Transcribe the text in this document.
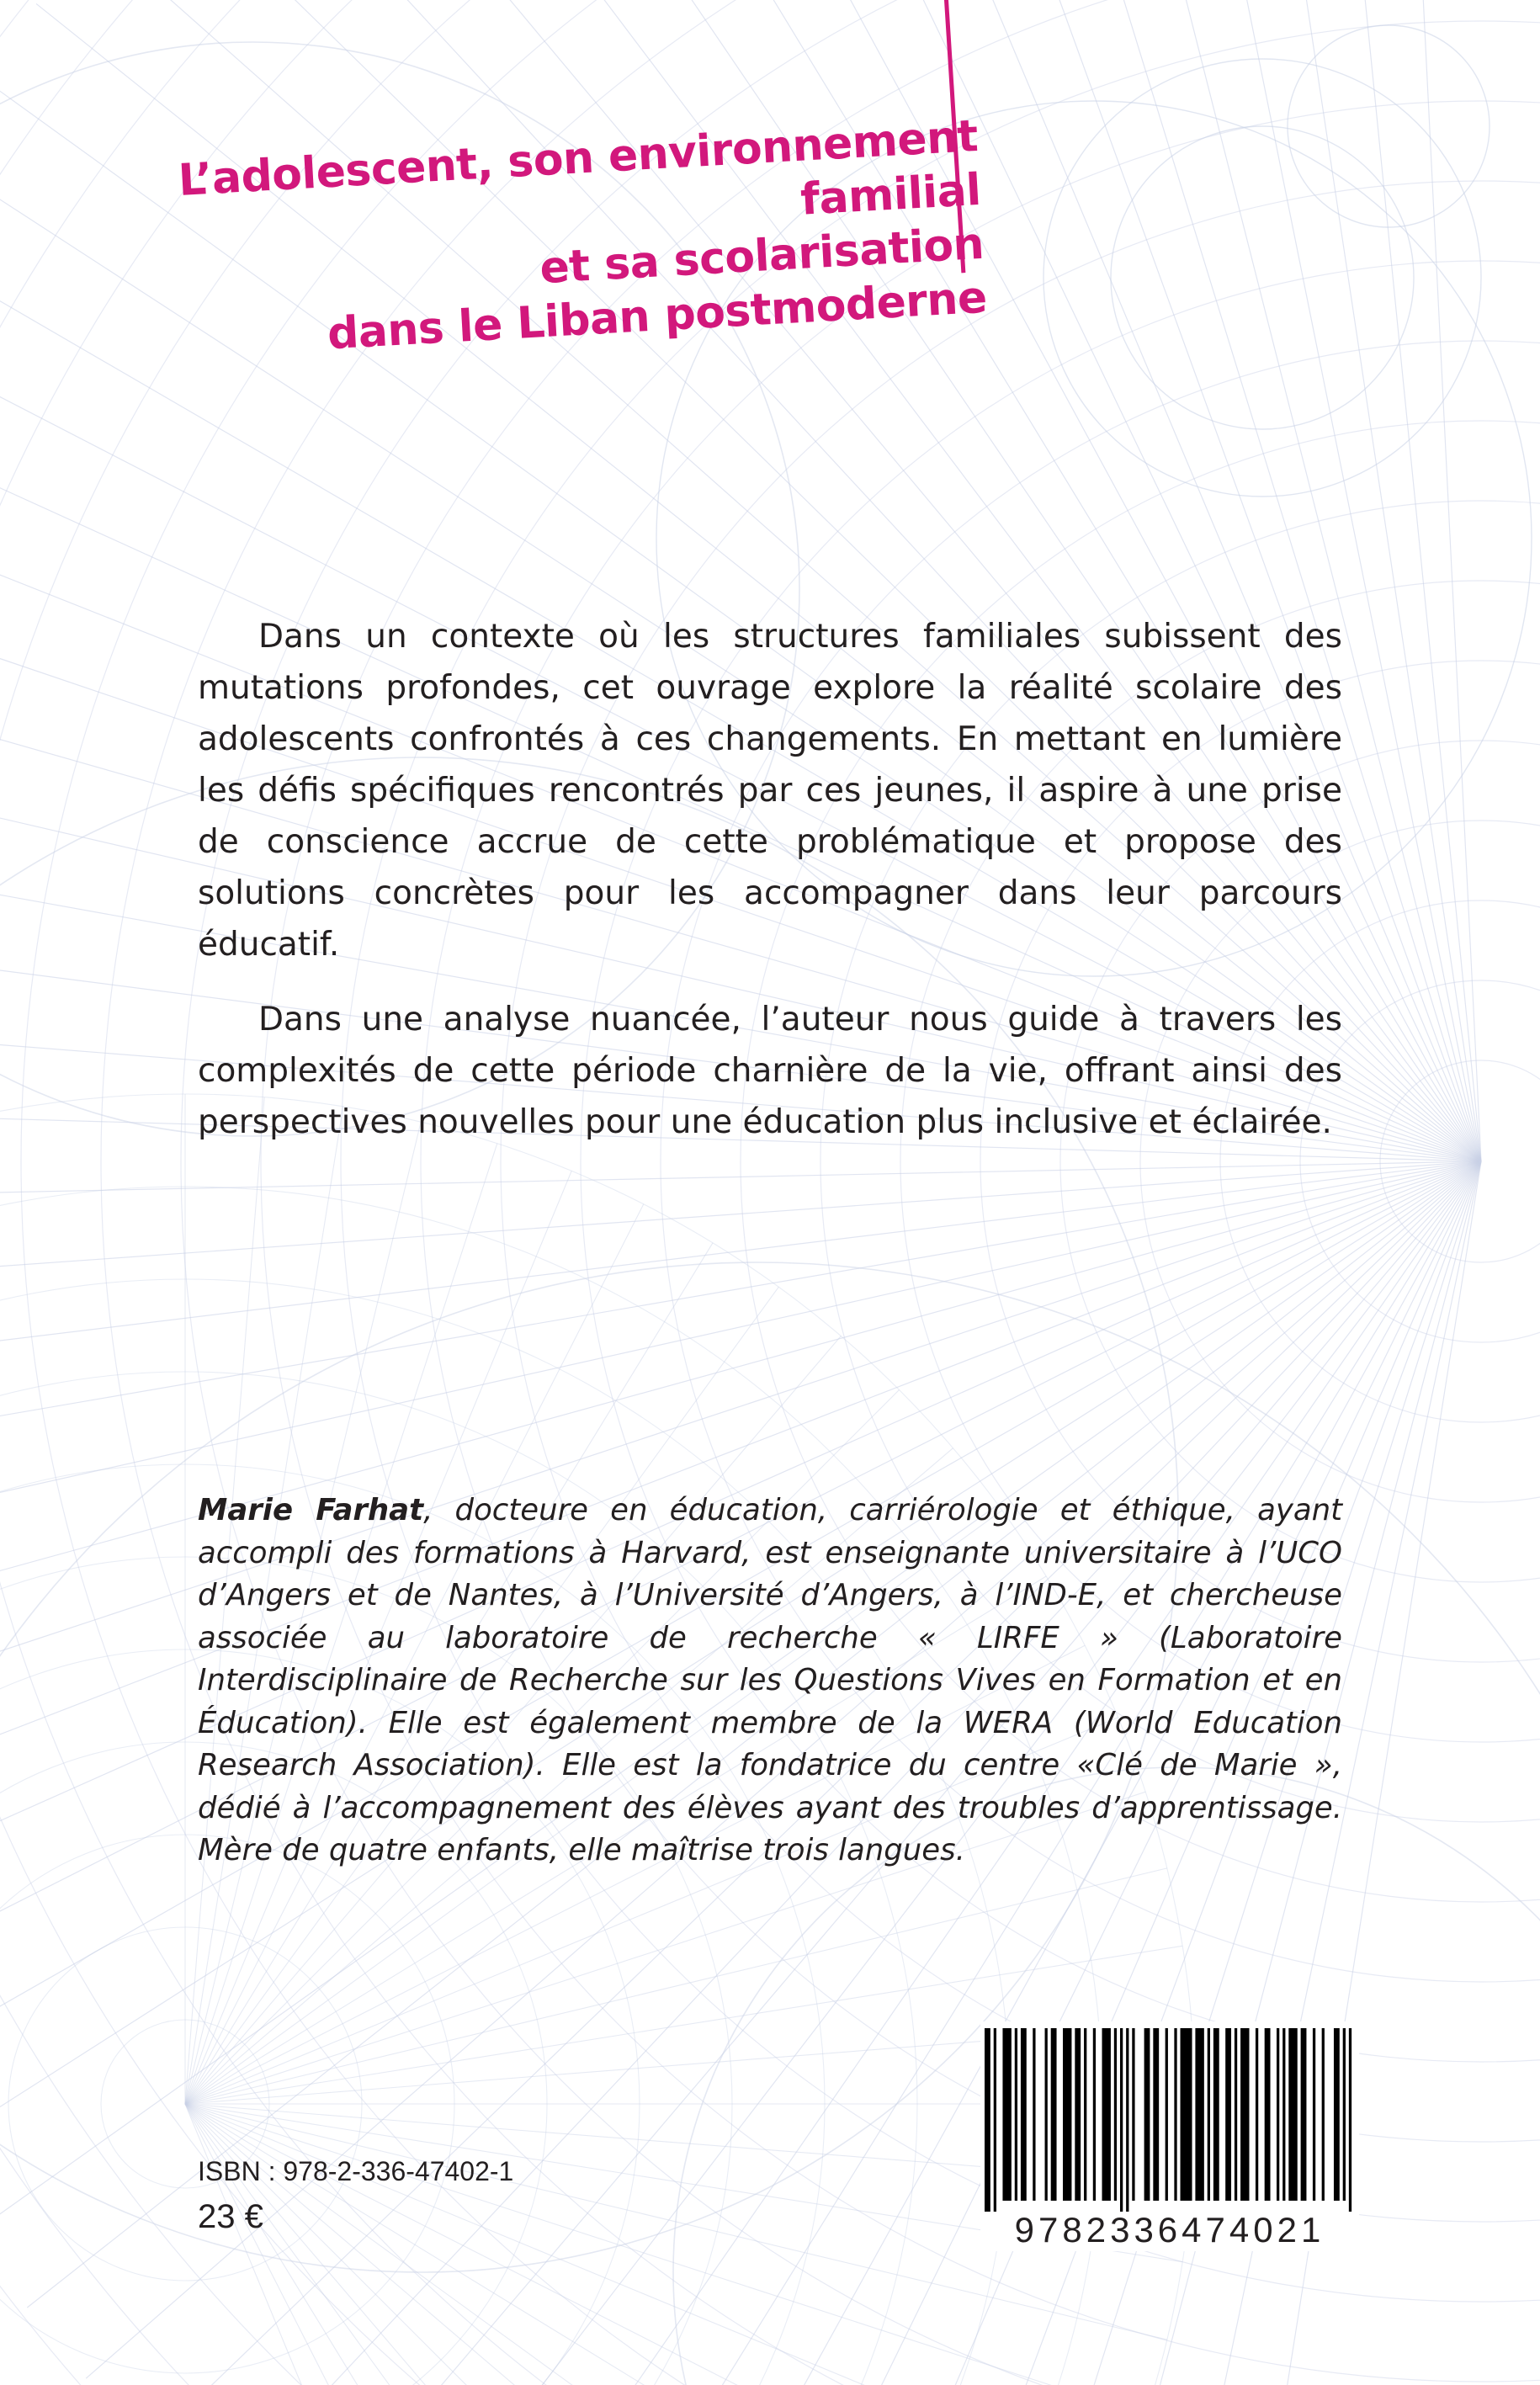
L’adolescent, son environnement familial
et sa scolarisation
dans le Liban postmoderne

Dans un contexte où les structures familiales subissent des mutations profondes, cet ouvrage explore la réalité scolaire des adolescents confrontés à ces changements. En mettant en lumière les défis spécifiques rencontrés par ces jeunes, il aspire à une prise de conscience accrue de cette problématique et propose des solutions concrètes pour les accompagner dans leur parcours éducatif.

Dans une analyse nuancée, l’auteur nous guide à travers les complexités de cette période charnière de la vie, offrant ainsi des perspectives nouvelles pour une éducation plus inclusive et éclairée.

Marie Farhat, docteure en éducation, carriérologie et éthique, ayant accompli des formations à Harvard, est enseignante universitaire à l’UCO d’Angers et de Nantes, à l’Université d’Angers, à l’IND-E, et chercheuse associée au laboratoire de recherche « LIRFE » (Laboratoire Interdisciplinaire de Recherche sur les Questions Vives en Formation et en Éducation). Elle est également membre de la WERA (World Education Research Association). Elle est la fondatrice du centre «Clé de Marie », dédié à l’accompagnement des élèves ayant des troubles d’apprentissage. Mère de quatre enfants, elle maîtrise trois langues.

ISBN : 978-2-336-47402-1
23 €	9782336474021
